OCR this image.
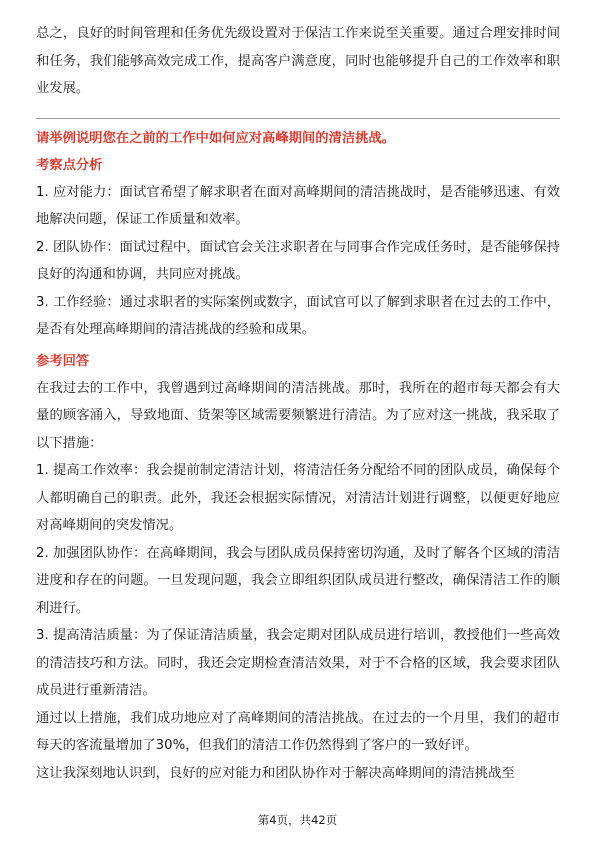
总之，良好的时间管理和任务优先级设置对于保洁工作来说至关重要。通过合理安排时间和任务，我们能够高效完成工作，提高客户满意度，同时也能够提升自己的工作效率和职业发展。

请举例说明您在之前的工作中如何应对高峰期间的清洁挑战。
考察点分析

1. 应对能力：面试官希望了解求职者在面对高峰期间的清洁挑战时，是否能够迅速、有效地解决问题，保证工作质量和效率。

2. 团队协作：面试过程中，面试官会关注求职者在与同事合作完成任务时，是否能够保持良好的沟通和协调，共同应对挑战。

3. 工作经验：通过求职者的实际案例或数字，面试官可以了解到求职者在过去的工作中，是否有处理高峰期间的清洁挑战的经验和成果。

参考回答

在我过去的工作中，我曾遇到过高峰期间的清洁挑战。那时，我所在的超市每天都会有大量的顾客涌入，导致地面、货架等区域需要频繁进行清洁。为了应对这一挑战，我采取了以下措施：

1. 提高工作效率：我会提前制定清洁计划，将清洁任务分配给不同的团队成员，确保每个人都明确自己的职责。此外，我还会根据实际情况，对清洁计划进行调整，以便更好地应对高峰期间的突发情况。

2. 加强团队协作：在高峰期间，我会与团队成员保持密切沟通，及时了解各个区域的清洁进度和存在的问题。一旦发现问题，我会立即组织团队成员进行整改，确保清洁工作的顺利进行。

3. 提高清洁质量：为了保证清洁质量，我会定期对团队成员进行培训，教授他们一些高效的清洁技巧和方法。同时，我还会定期检查清洁效果，对于不合格的区域，我会要求团队成员进行重新清洁。

通过以上措施，我们成功地应对了高峰期间的清洁挑战。在过去的一个月里，我们的超市每天的客流量增加了30%，但我们的清洁工作仍然得到了客户的一致好评。

这让我深刻地认识到，良好的应对能力和团队协作对于解决高峰期间的清洁挑战至

第4页，共42页
